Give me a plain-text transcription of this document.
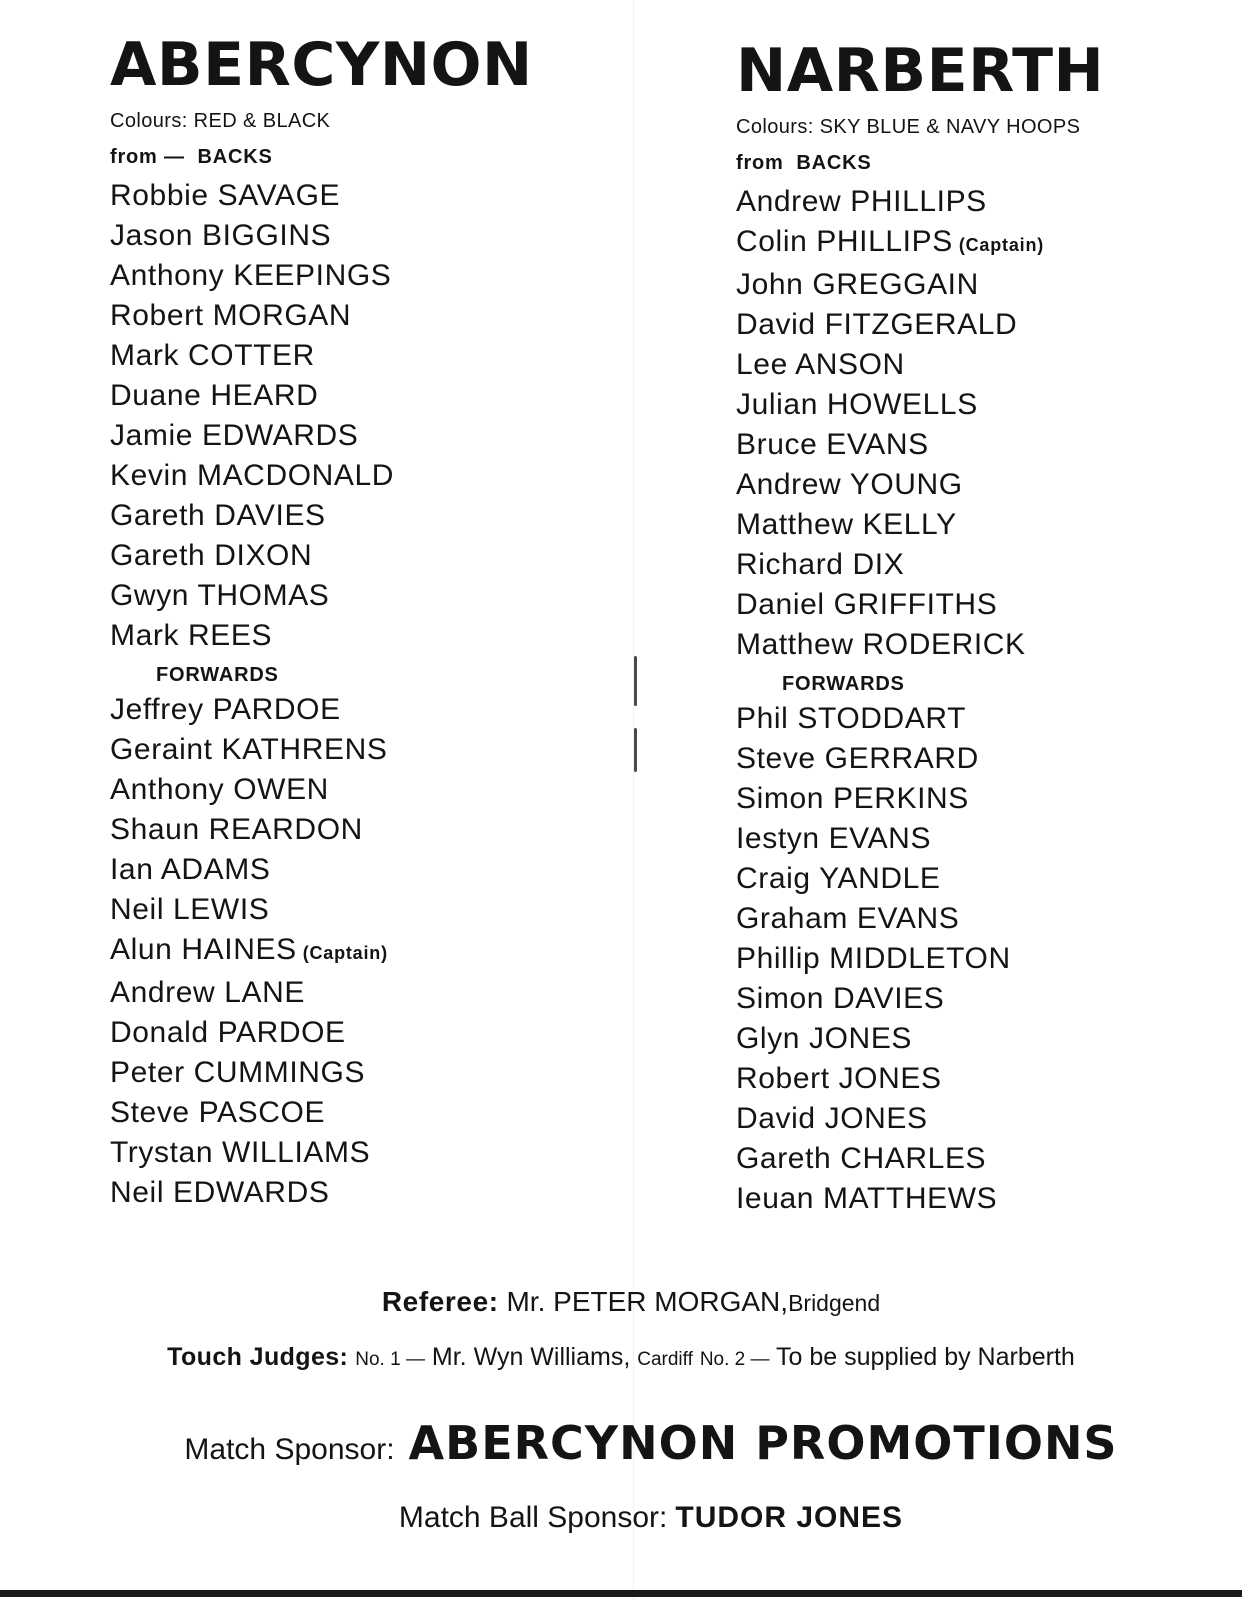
ABERCYNON
Colours: RED & BLACK
from — BACKS
Robbie SAVAGE
Jason BIGGINS
Anthony KEEPINGS
Robert MORGAN
Mark COTTER
Duane HEARD
Jamie EDWARDS
Kevin MACDONALD
Gareth DAVIES
Gareth DIXON
Gwyn THOMAS
Mark REES
FORWARDS
Jeffrey PARDOE
Geraint KATHRENS
Anthony OWEN
Shaun REARDON
Ian ADAMS
Neil LEWIS
Alun HAINES (Captain)
Andrew LANE
Donald PARDOE
Peter CUMMINGS
Steve PASCOE
Trystan WILLIAMS
Neil EDWARDS
NARBERTH
Colours: SKY BLUE & NAVY HOOPS
from BACKS
Andrew PHILLIPS
Colin PHILLIPS (Captain)
John GREGGAIN
David FITZGERALD
Lee ANSON
Julian HOWELLS
Bruce EVANS
Andrew YOUNG
Matthew KELLY
Richard DIX
Daniel GRIFFITHS
Matthew RODERICK
FORWARDS
Phil STODDART
Steve GERRARD
Simon PERKINS
Iestyn EVANS
Craig YANDLE
Graham EVANS
Phillip MIDDLETON
Simon DAVIES
Glyn JONES
Robert JONES
David JONES
Gareth CHARLES
Ieuan MATTHEWS
Referee: Mr. PETER MORGAN,Bridgend
Touch Judges: No. 1 — Mr. Wyn Williams, Cardiff No. 2 — To be supplied by Narberth
Match Sponsor: ABERCYNON PROMOTIONS
Match Ball Sponsor: TUDOR JONES
